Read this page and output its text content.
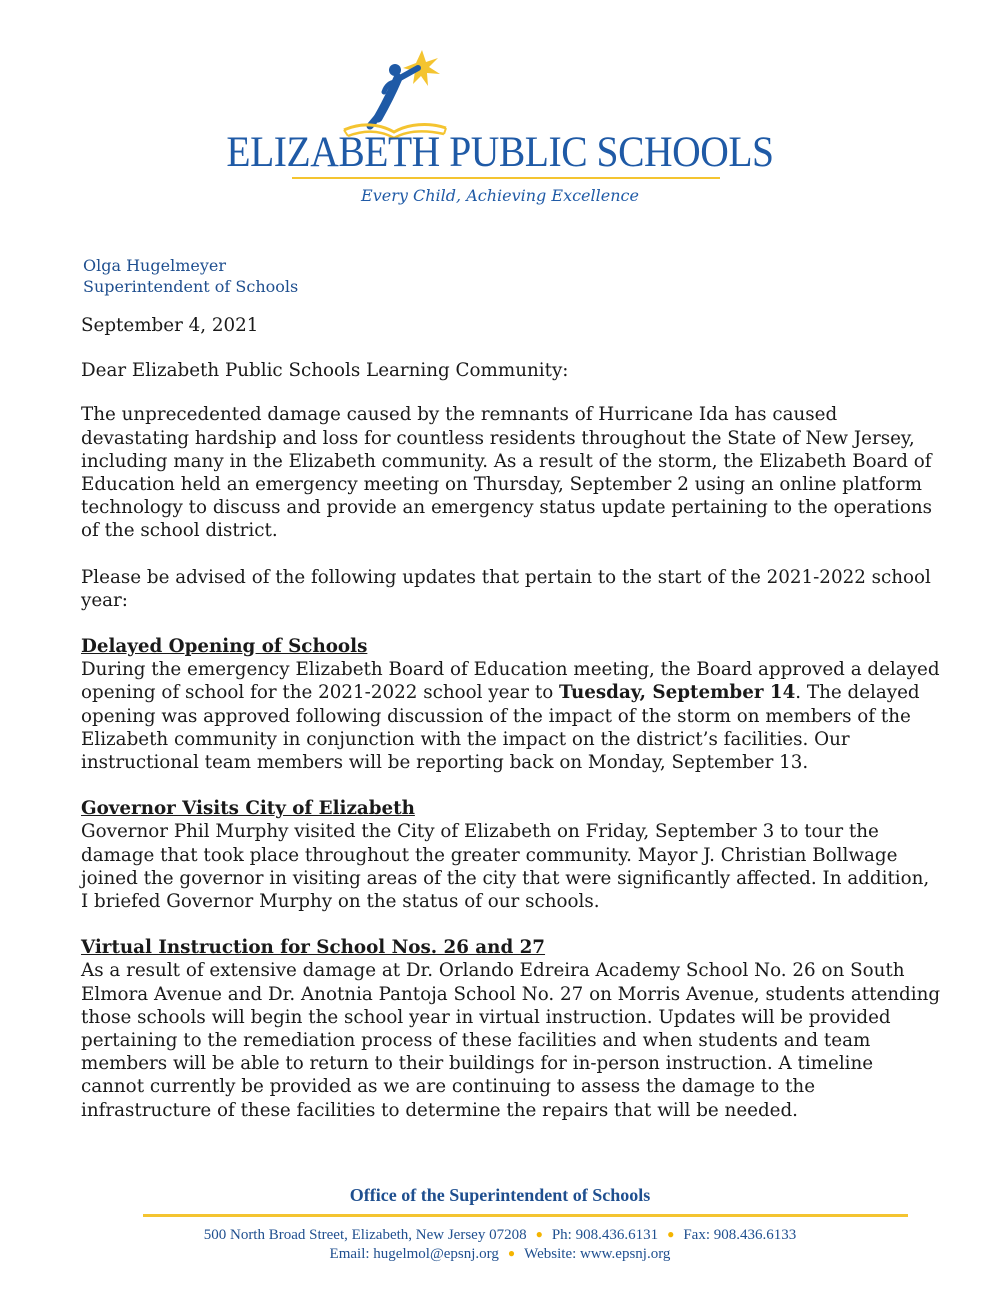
ELIZABETH PUBLIC SCHOOLS
Every Child, Achieving Excellence
Olga Hugelmeyer
Superintendent of Schools

September 4, 2021

Dear Elizabeth Public Schools Learning Community:

The unprecedented damage caused by the remnants of Hurricane Ida has caused devastating hardship and loss for countless residents throughout the State of New Jersey, including many in the Elizabeth community. As a result of the storm, the Elizabeth Board of Education held an emergency meeting on Thursday, September 2 using an online platform technology to discuss and provide an emergency status update pertaining to the operations of the school district.

Please be advised of the following updates that pertain to the start of the 2021-2022 school year:

Delayed Opening of Schools

During the emergency Elizabeth Board of Education meeting, the Board approved a delayed opening of school for the 2021-2022 school year to Tuesday, September 14. The delayed opening was approved following discussion of the impact of the storm on members of the Elizabeth community in conjunction with the impact on the district’s facilities. Our instructional team members will be reporting back on Monday, September 13.

Governor Visits City of Elizabeth

Governor Phil Murphy visited the City of Elizabeth on Friday, September 3 to tour the damage that took place throughout the greater community. Mayor J. Christian Bollwage joined the governor in visiting areas of the city that were significantly affected. In addition, I briefed Governor Murphy on the status of our schools.

Virtual Instruction for School Nos. 26 and 27

As a result of extensive damage at Dr. Orlando Edreira Academy School No. 26 on South Elmora Avenue and Dr. Anotnia Pantoja School No. 27 on Morris Avenue, students attending those schools will begin the school year in virtual instruction. Updates will be provided pertaining to the remediation process of these facilities and when students and team members will be able to return to their buildings for in-person instruction. A timeline cannot currently be provided as we are continuing to assess the damage to the infrastructure of these facilities to determine the repairs that will be needed.

Office of the Superintendent of Schools
500 North Broad Street, Elizabeth, New Jersey 07208 ● Ph: 908.436.6131 ● Fax: 908.436.6133
Email: hugelmol@epsnj.org ● Website: www.epsnj.org
